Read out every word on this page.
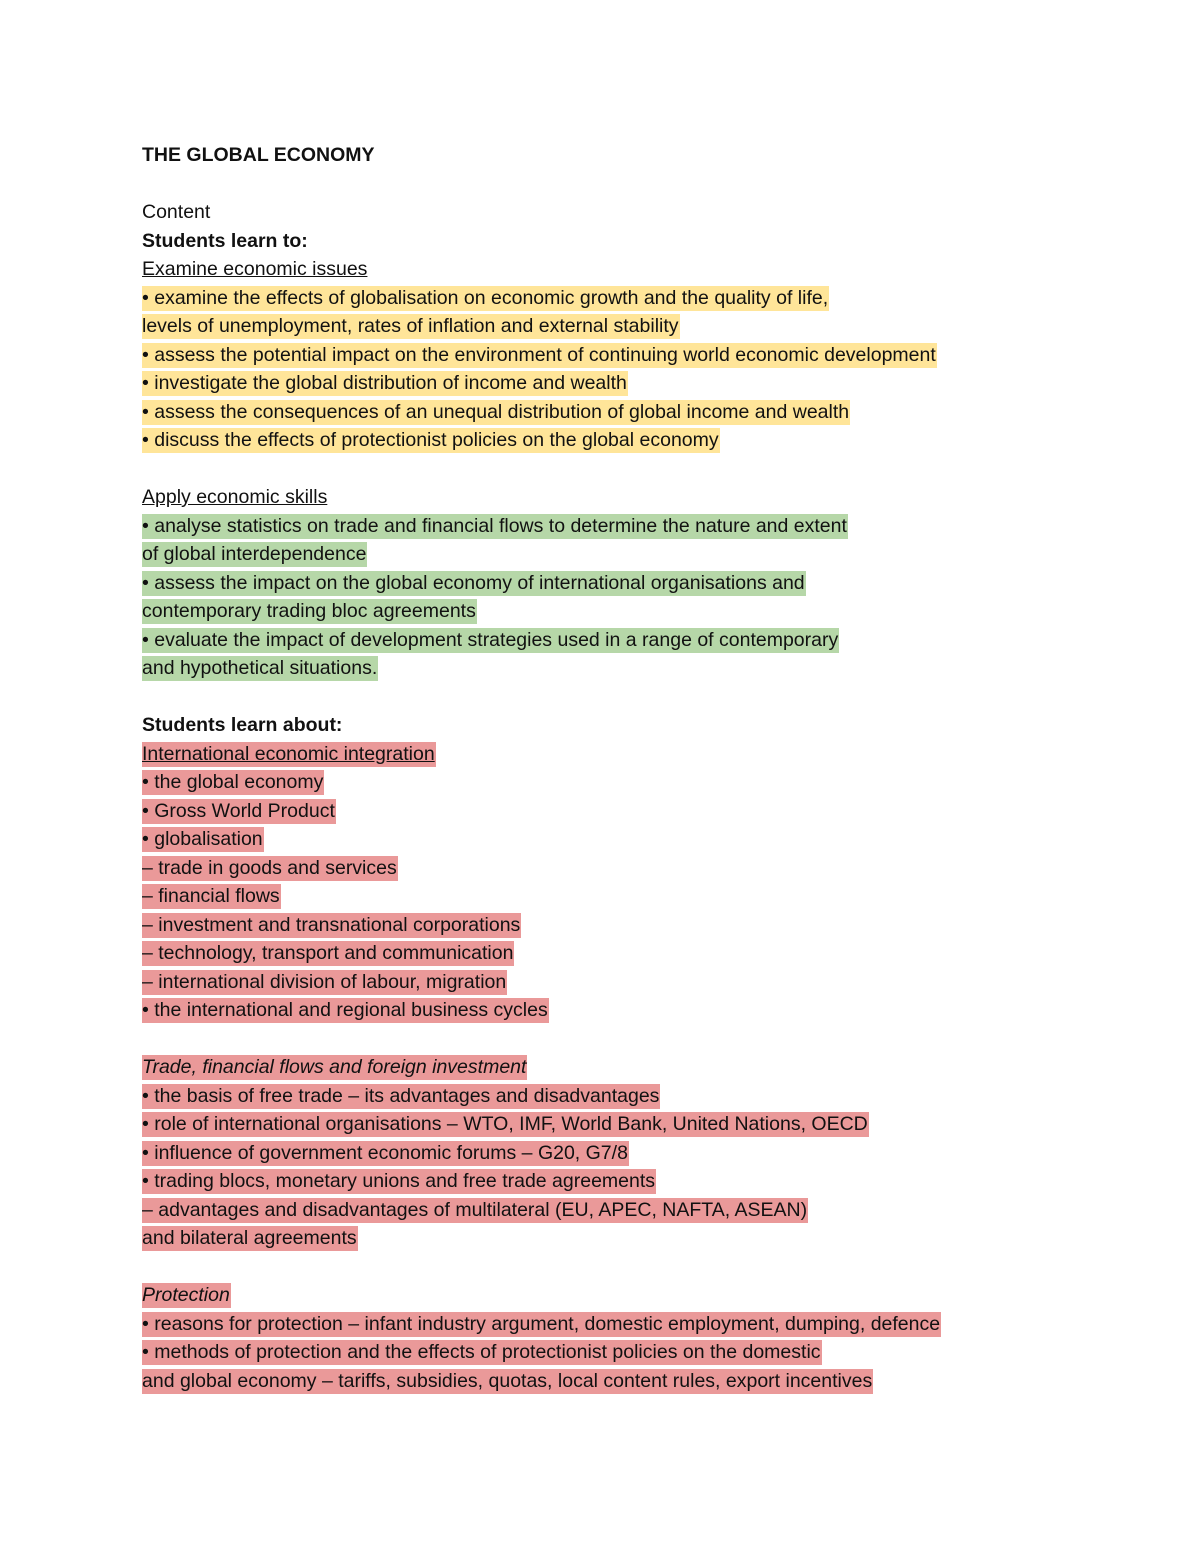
THE GLOBAL ECONOMY
Content
Students learn to:
Examine economic issues
• examine the effects of globalisation on economic growth and the quality of life,
levels of unemployment, rates of inflation and external stability
• assess the potential impact on the environment of continuing world economic development
• investigate the global distribution of income and wealth
• assess the consequences of an unequal distribution of global income and wealth
• discuss the effects of protectionist policies on the global economy
Apply economic skills
• analyse statistics on trade and financial flows to determine the nature and extent
of global interdependence
• assess the impact on the global economy of international organisations and
contemporary trading bloc agreements
• evaluate the impact of development strategies used in a range of contemporary
and hypothetical situations.
Students learn about:
International economic integration
• the global economy
• Gross World Product
• globalisation
– trade in goods and services
– financial flows
– investment and transnational corporations
– technology, transport and communication
– international division of labour, migration
• the international and regional business cycles
Trade, financial flows and foreign investment
• the basis of free trade – its advantages and disadvantages
• role of international organisations – WTO, IMF, World Bank, United Nations, OECD
• influence of government economic forums – G20, G7/8
• trading blocs, monetary unions and free trade agreements
– advantages and disadvantages of multilateral (EU, APEC, NAFTA, ASEAN)
and bilateral agreements
Protection
• reasons for protection – infant industry argument, domestic employment, dumping, defence
• methods of protection and the effects of protectionist policies on the domestic
and global economy – tariffs, subsidies, quotas, local content rules, export incentives
